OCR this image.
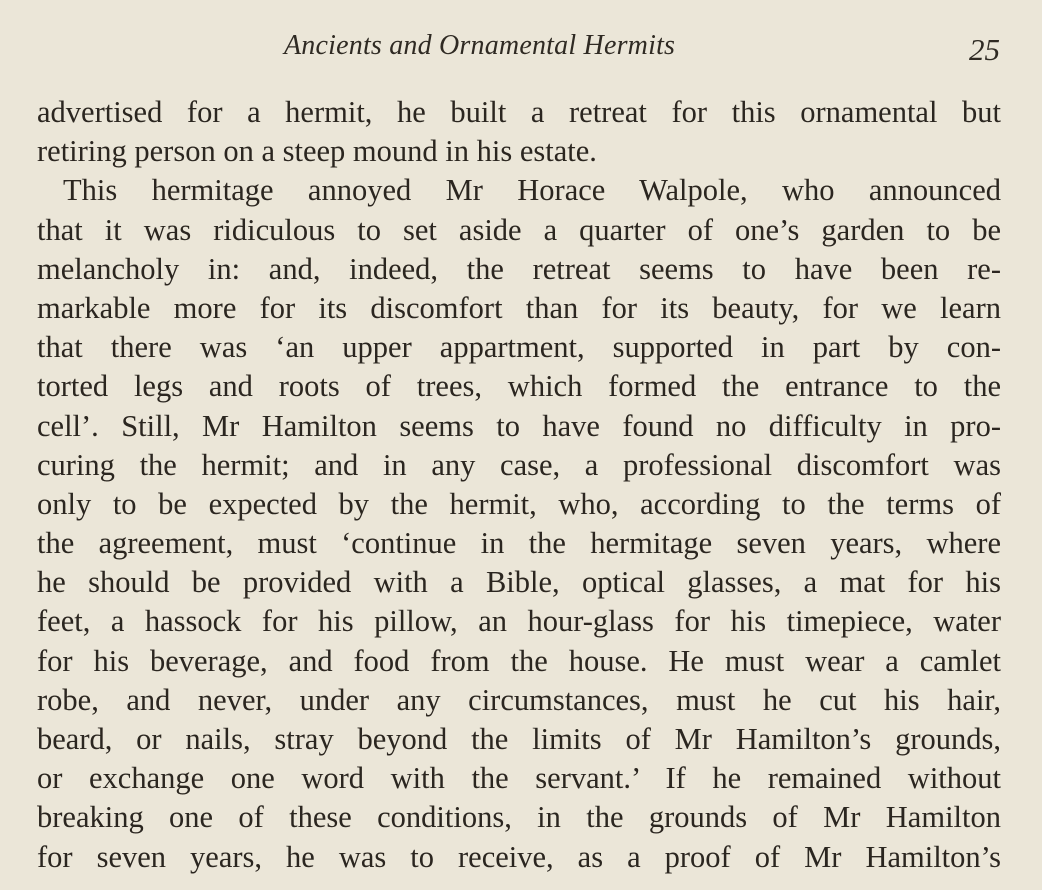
Ancients and Ornamental Hermits	25
advertised for a hermit, he built a retreat for this ornamental but
retiring person on a steep mound in his estate.
This hermitage annoyed Mr Horace Walpole, who announced
that it was ridiculous to set aside a quarter of one’s garden to be
melancholy in: and, indeed, the retreat seems to have been re-
markable more for its discomfort than for its beauty, for we learn
that there was ‘an upper appartment, supported in part by con-
torted legs and roots of trees, which formed the entrance to the
cell’. Still, Mr Hamilton seems to have found no difficulty in pro-
curing the hermit; and in any case, a professional discomfort was
only to be expected by the hermit, who, according to the terms of
the agreement, must ‘continue in the hermitage seven years, where
he should be provided with a Bible, optical glasses, a mat for his
feet, a hassock for his pillow, an hour-glass for his timepiece, water
for his beverage, and food from the house. He must wear a camlet
robe, and never, under any circumstances, must he cut his hair,
beard, or nails, stray beyond the limits of Mr Hamilton’s grounds,
or exchange one word with the servant.’ If he remained without
breaking one of these conditions, in the grounds of Mr Hamilton
for seven years, he was to receive, as a proof of Mr Hamilton’s
